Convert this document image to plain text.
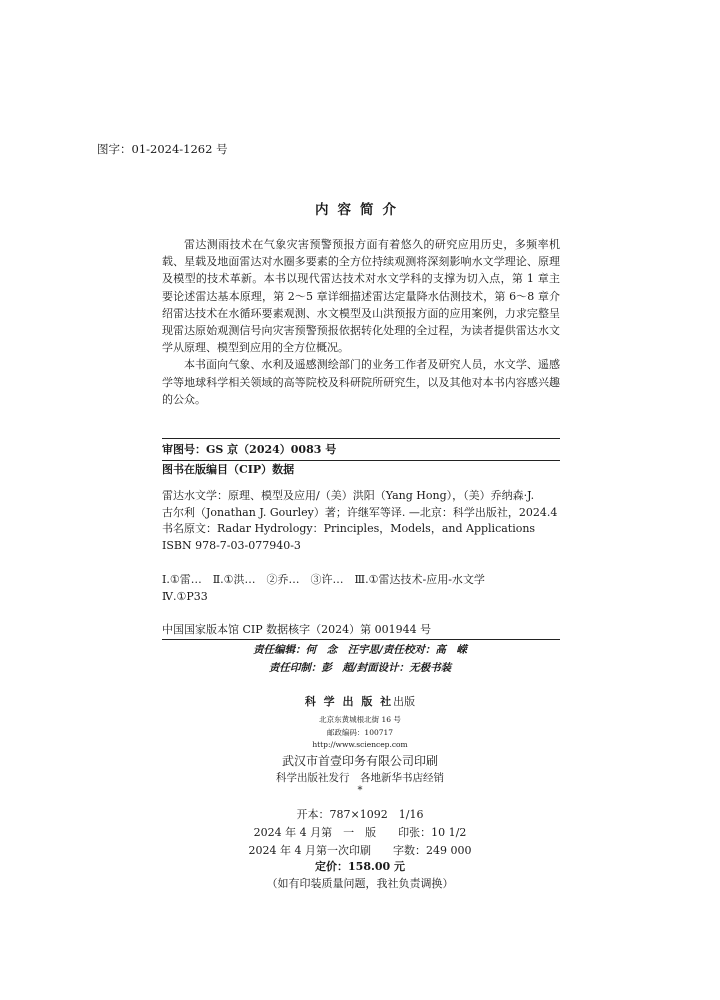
图字：01-2024-1262 号
内容简介

雷达测雨技术在气象灾害预警预报方面有着悠久的研究应用历史，多频率机载、星载及地面雷达对水圈多要素的全方位持续观测将深刻影响水文学理论、原理及模型的技术革新。本书以现代雷达技术对水文学科的支撑为切入点，第 1 章主要论述雷达基本原理，第 2～5 章详细描述雷达定量降水估测技术，第 6～8 章介绍雷达技术在水循环要素观测、水文模型及山洪预报方面的应用案例，力求完整呈现雷达原始观测信号向灾害预警预报依据转化处理的全过程，为读者提供雷达水文学从原理、模型到应用的全方位概况。

本书面向气象、水利及遥感测绘部门的业务工作者及研究人员，水文学、遥感学等地球科学相关领域的高等院校及科研院所研究生，以及其他对本书内容感兴趣的公众。

审图号：GS 京（2024）0083 号
图书在版编目（CIP）数据
雷达水文学：原理、模型及应用/（美）洪阳（Yang Hong），（美）乔纳森·J.
古尔利（Jonathan J. Gourley）著；许继军等译. —北京：科学出版社，2024.4
书名原文：Radar Hydrology：Principles，Models，and Applications
ISBN 978-7-03-077940-3
Ⅰ.①雷…　Ⅱ.①洪…　②乔…　③许…　Ⅲ.①雷达技术-应用-水文学
Ⅳ.①P33
中国国家版本馆 CIP 数据核字（2024）第 001944 号
责任编辑：何　念　汪宇思/责任校对：高　嵘
责任印制：彭　超/封面设计：无极书装
科 学 出 版 社出版
北京东黄城根北街 16 号
邮政编码：100717
http://www.sciencep.com
武汉市首壹印务有限公司印刷
科学出版社发行　各地新华书店经销
*
开本：787×1092　1/16
2024 年 4 月第　一　版　　印张：10 1/2
2024 年 4 月第一次印刷　　字数：249 000
定价：158.00 元
（如有印装质量问题，我社负责调换）
